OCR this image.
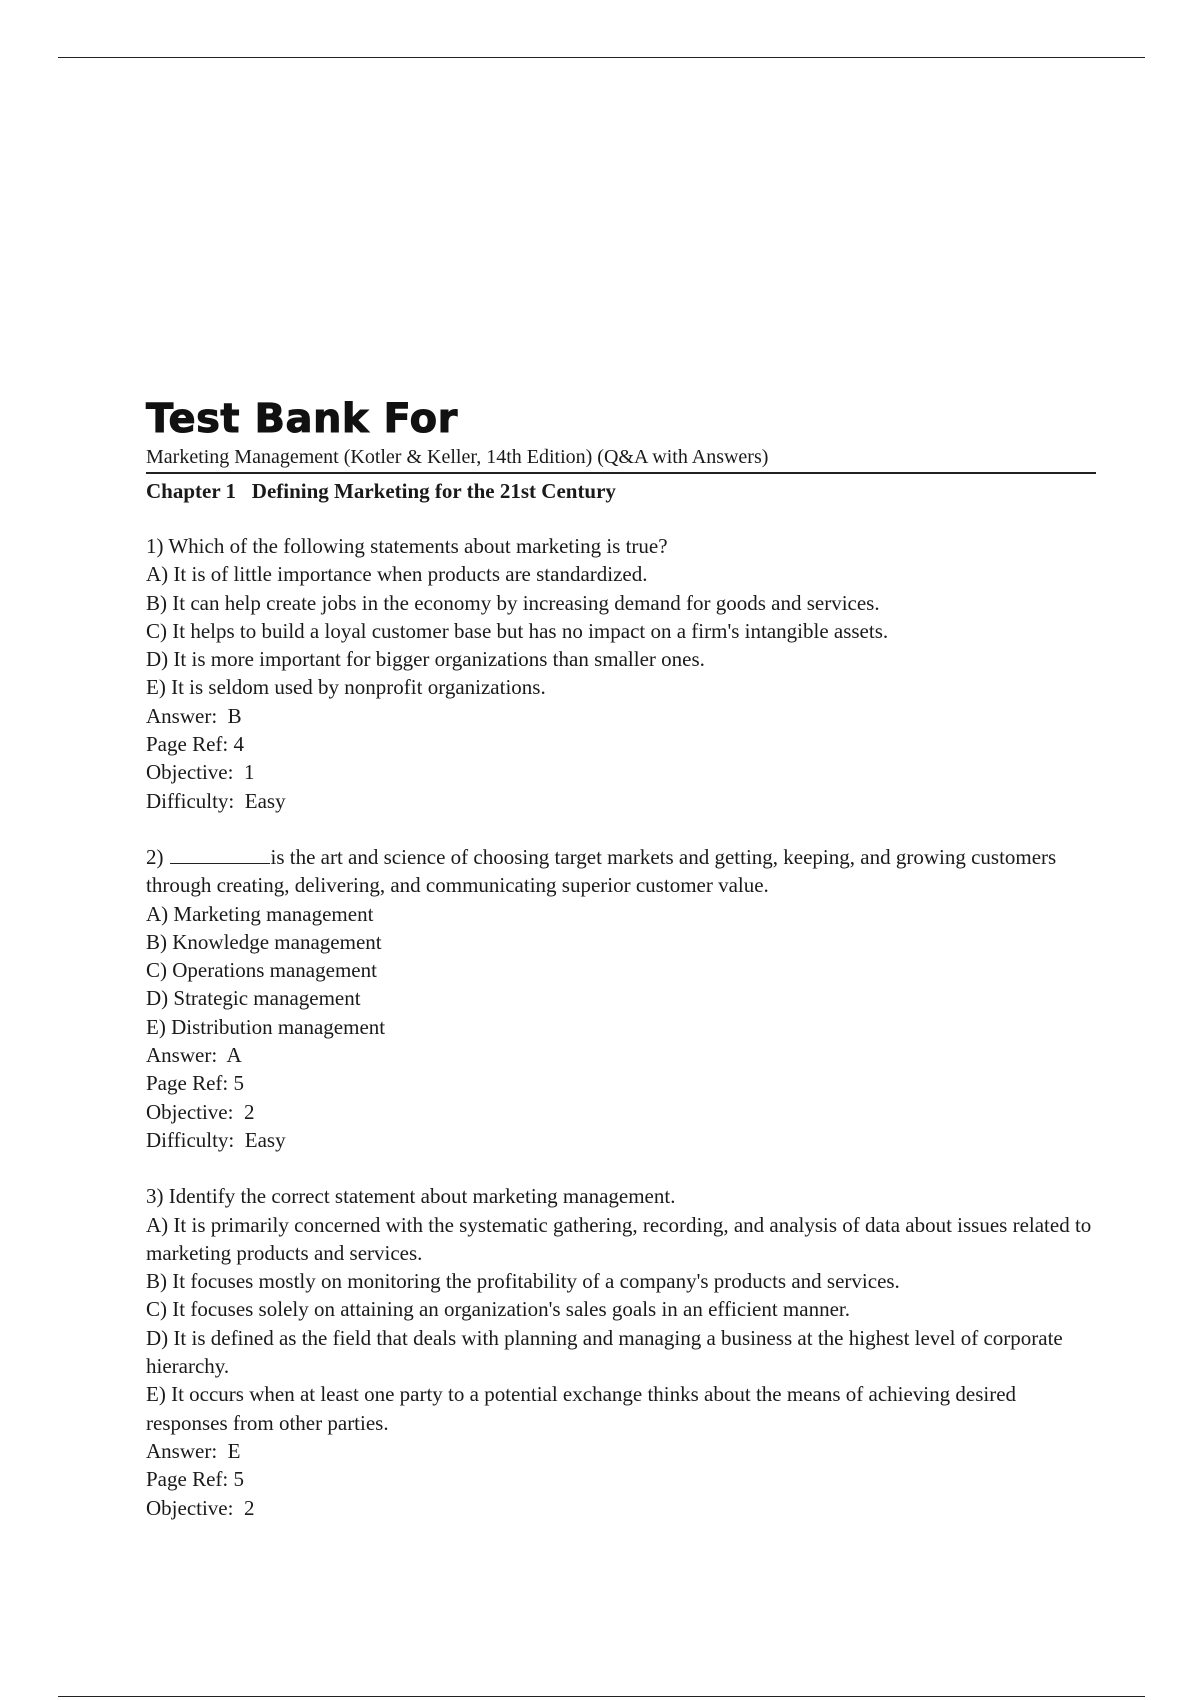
Test Bank For

Marketing Management (Kotler & Keller, 14th Edition) (Q&A with Answers)

Chapter 1   Defining Marketing for the 21st Century

1) Which of the following statements about marketing is true?

A) It is of little importance when products are standardized.

B) It can help create jobs in the economy by increasing demand for goods and services.

C) It helps to build a loyal customer base but has no impact on a firm's intangible assets.

D) It is more important for bigger organizations than smaller ones.

E) It is seldom used by nonprofit organizations.

Answer:  B

Page Ref: 4

Objective:  1

Difficulty:  Easy

2)	is the art and science of choosing target markets and getting, keeping, and growing customers through creating, delivering, and communicating superior customer value.

A) Marketing management

B) Knowledge management

C) Operations management

D) Strategic management

E) Distribution management

Answer:  A

Page Ref: 5

Objective:  2

Difficulty:  Easy

3) Identify the correct statement about marketing management.

A) It is primarily concerned with the systematic gathering, recording, and analysis of data about issues related to marketing products and services.

B) It focuses mostly on monitoring the profitability of a company's products and services.

C) It focuses solely on attaining an organization's sales goals in an efficient manner.

D) It is defined as the field that deals with planning and managing a business at the highest level of corporate hierarchy.

E) It occurs when at least one party to a potential exchange thinks about the means of achieving desired responses from other parties.

Answer:  E

Page Ref: 5

Objective:  2
